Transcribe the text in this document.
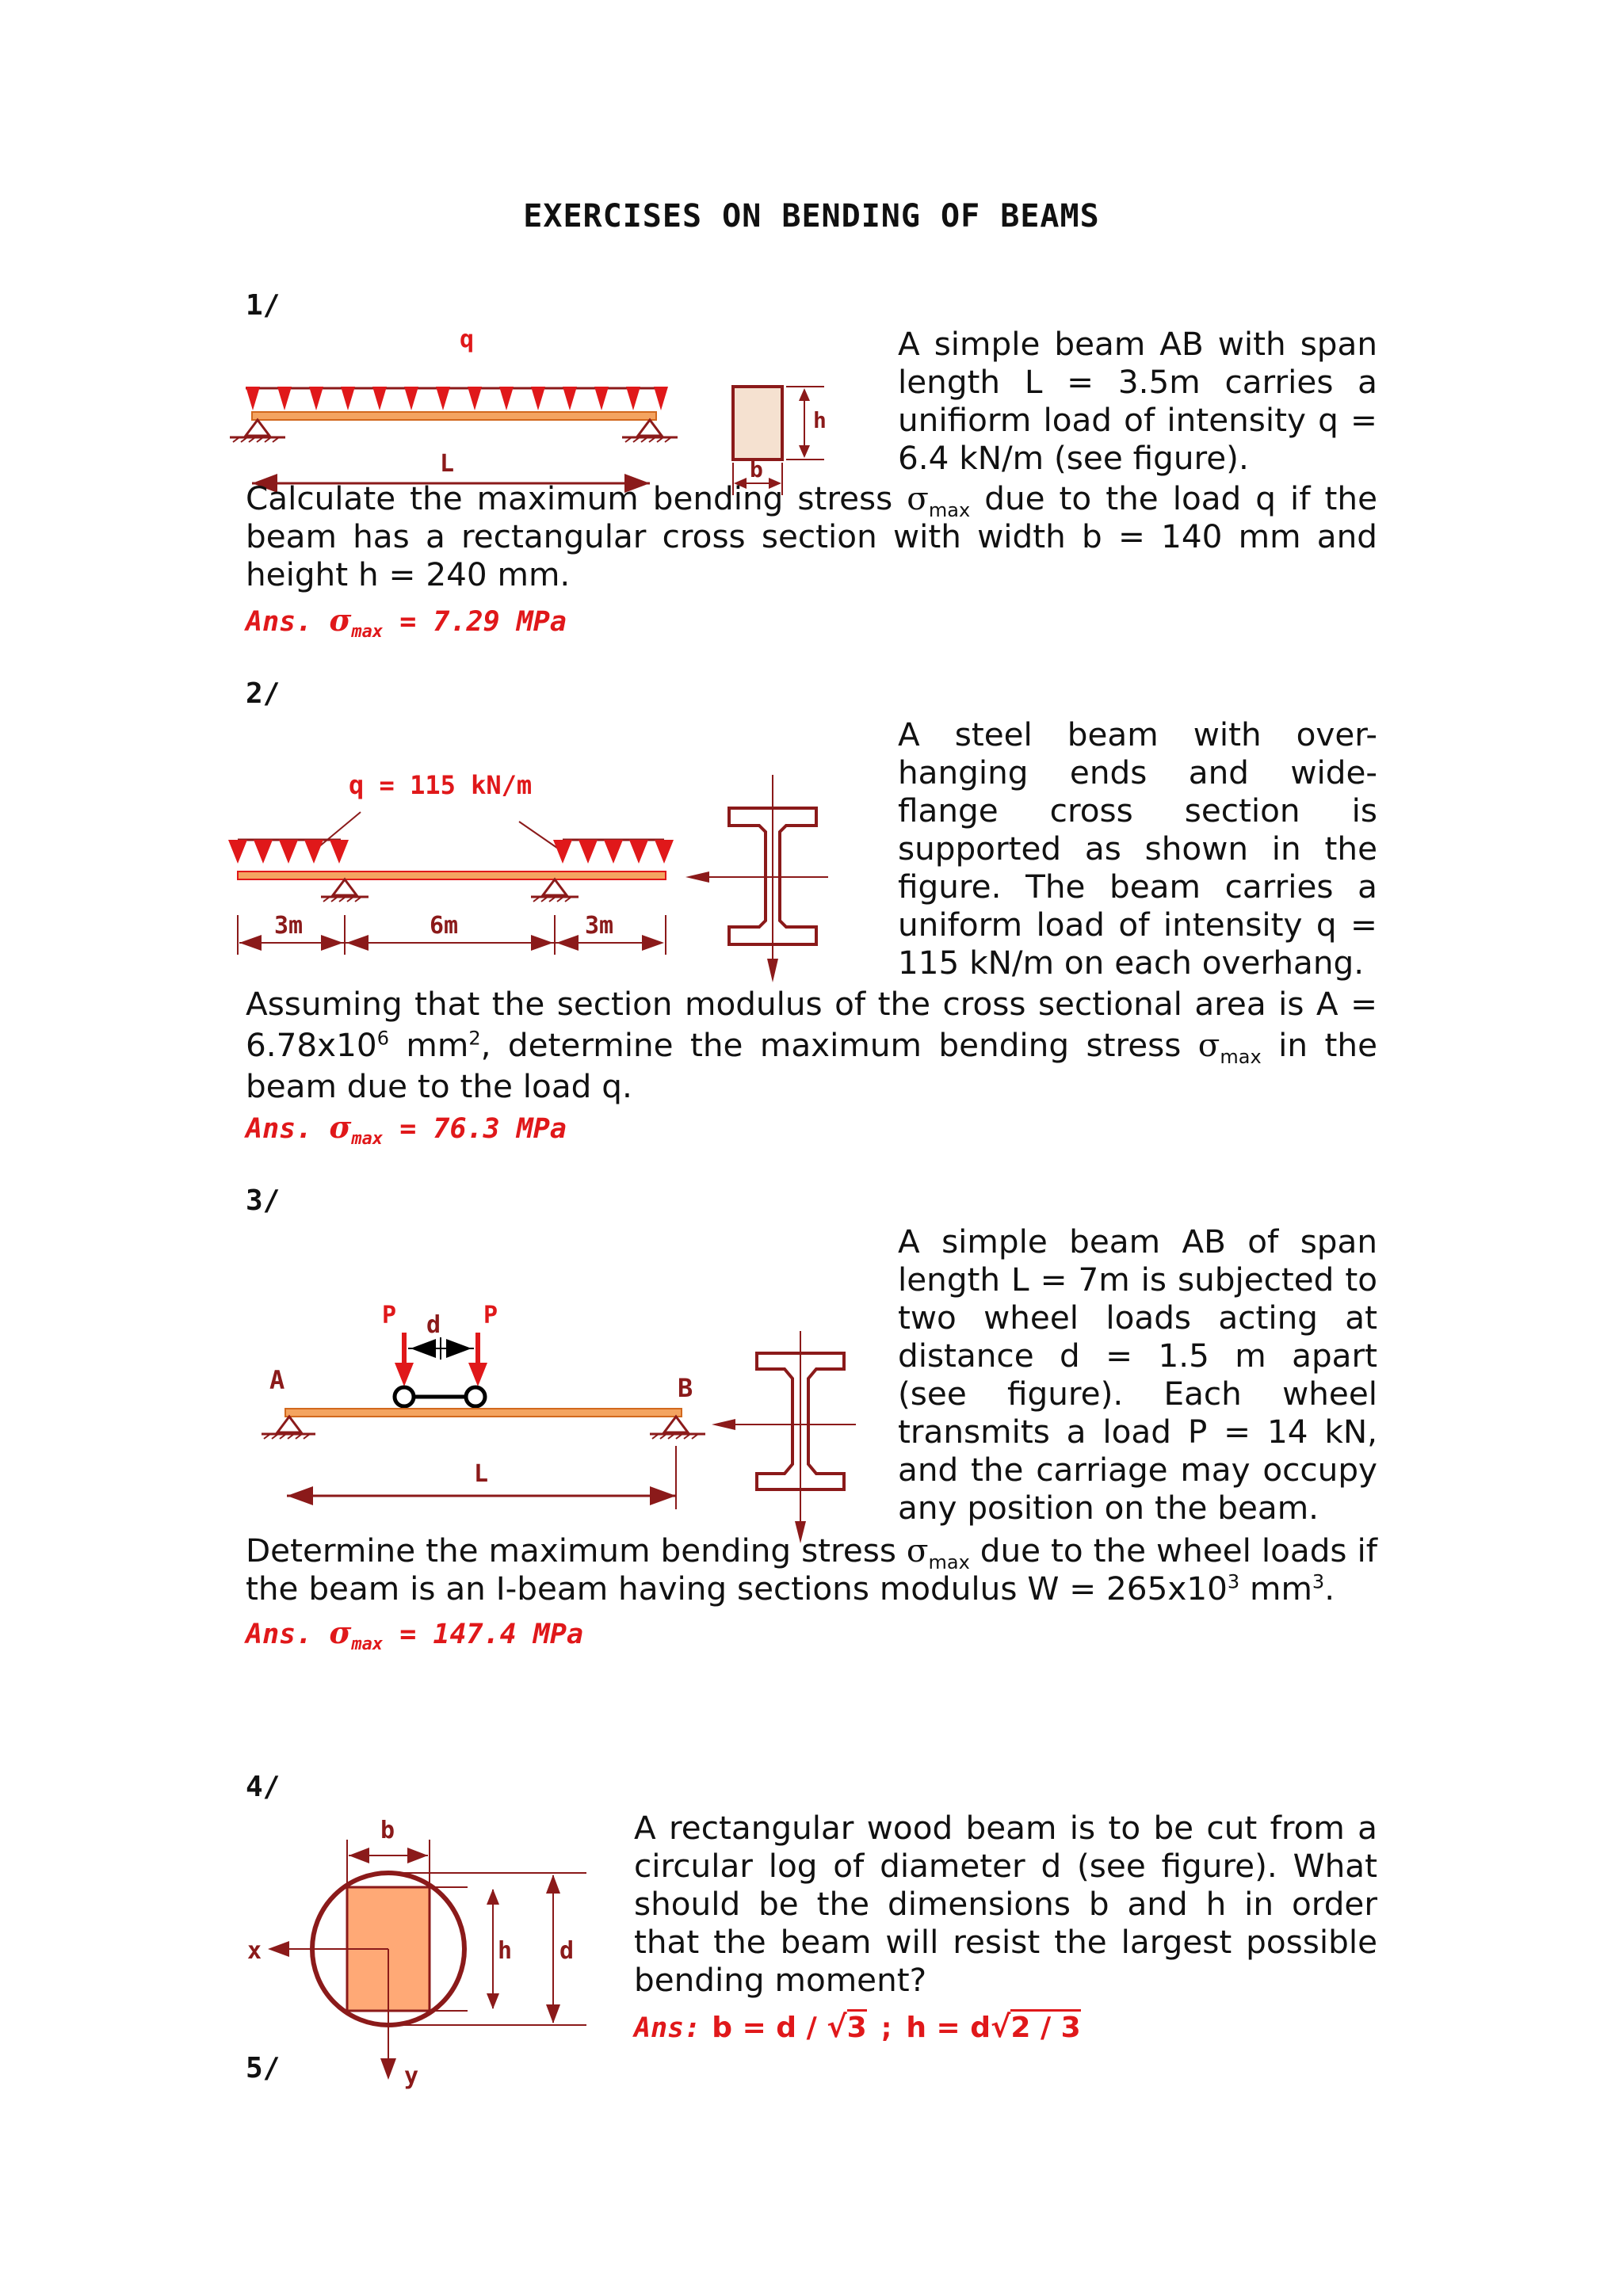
EXERCISES ON BENDING OF BEAMS
1/
q
L
h
b
A simple beam AB with span
length L = 3.5m carries a
unifiorm load of intensity q =
6.4 kN/m (see figure).
Calculate the maximum bending stress $\sigma_{max}$ due to the load q if the beam has a rectangular cross section with width b = 140 mm and height h = 240 mm.
Ans. $\sigma_{max} = 7.29$ MPa
2/
q = 115 kN/m
3m	6m	3m
A steel beam with over-
hanging ends and wide-
flange cross section is
supported as shown in the
figure. The beam carries a
uniform load of intensity q =
115 kN/m on each overhang.
Assuming that the section modulus of the cross sectional area is A =
$6.78x10^6$ $mm^2$, determine the maximum bending stress $\sigma_{max}$ in the
beam due to the load q.
Ans. $\sigma_{max} = 76.3$ MPa
3/
P d P
A	B
L
A simple beam AB of span
length L = 7m is subjected to
two wheel loads acting at
distance d = 1.5 m apart
(see figure). Each wheel
transmits a load P = 14 kN,
and the carriage may occupy
any position on the beam.
Determine the maximum bending stress $\sigma_{max}$ due to the wheel loads if
the beam is an I-beam having sections modulus $W = 265x10^3$ $mm^3$.
Ans. $\sigma_{max} = 147.4$ MPa
4/
b
x
y
h d
A rectangular wood beam is to be cut from a
circular log of diameter d (see figure). What
should be the dimensions b and h in order
that the beam will resist the largest possible
bending moment?
Ans: b = d / √3 ; h = d√2 / 3
5/
